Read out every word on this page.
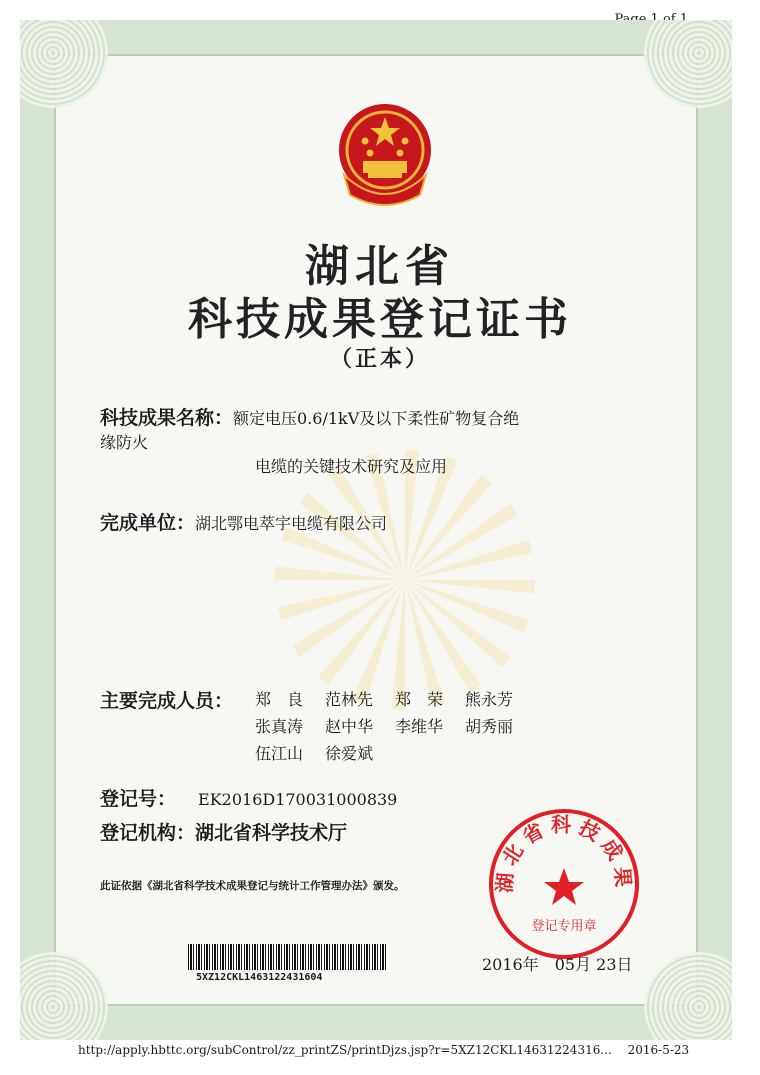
湖北省
科技成果登记证书
（正本）
科技成果名称：额定电压0.6/1kV及以下柔性矿物复合绝缘防火
电缆的关键技术研究及应用
完成单位：湖北鄂电萃宇电缆有限公司
主要完成人员： 郑　良	范林先	郑　荣	熊永芳
张真涛	赵中华	李维华	胡秀丽
伍江山	徐爱斌
登记号： EK2016D170031000839
登记机构：湖北省科学技术厅
此证依据《湖北省科学技术成果登记与统计工作管理办法》颁发。
5XZ12CKL1463122431604
湖北省科技成果
登记专用章
2016年　05月 23日
http://apply.hbttc.org/subControl/zz_printZS/printDjzs.jsp?r=5XZ12CKL14631224316... 2016-5-23
